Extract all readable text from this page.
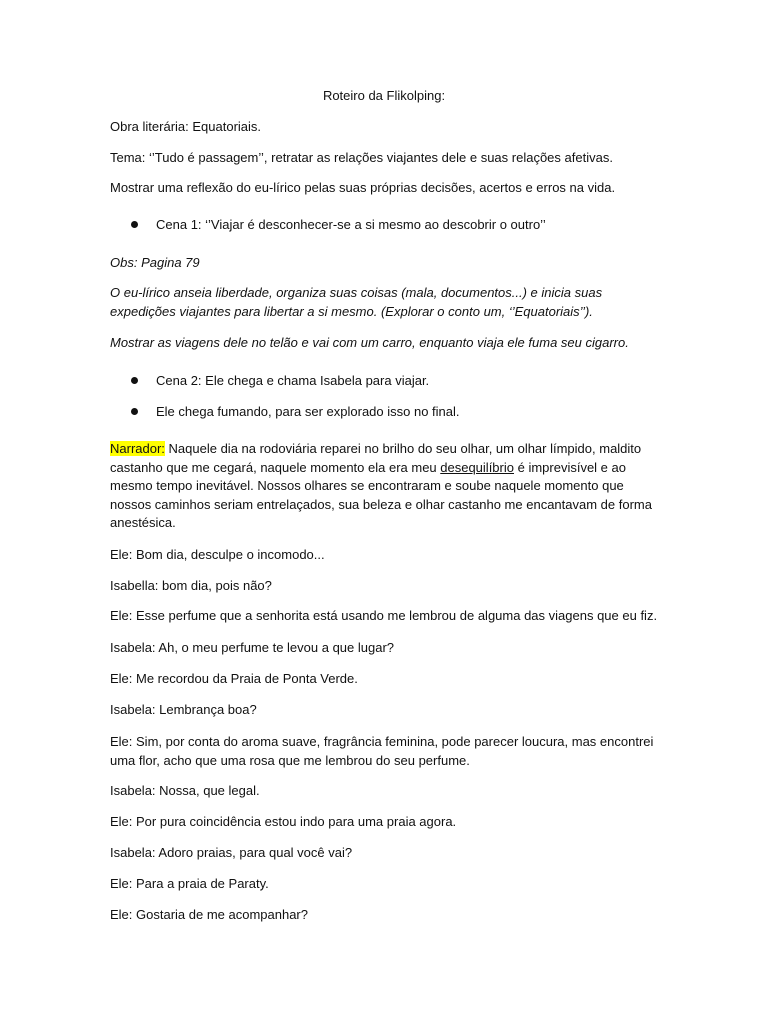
Roteiro da Flikolping:
Obra literária: Equatoriais.
Tema: ‘’Tudo é passagem’’, retratar as relações viajantes dele e suas relações afetivas.
Mostrar uma reflexão do eu-lírico pelas suas próprias decisões, acertos e erros na vida.
Cena 1: ‘’Viajar é desconhecer-se a si mesmo ao descobrir o outro’’
Obs: Pagina 79
O eu-lírico anseia liberdade, organiza suas coisas (mala, documentos...) e inicia suas expedições viajantes para libertar a si mesmo. (Explorar o conto um, ‘’Equatoriais’’).
Mostrar as viagens dele no telão e vai com um carro, enquanto viaja ele fuma seu cigarro.
Cena 2: Ele chega e chama Isabela para viajar.
Ele chega fumando, para ser explorado isso no final.
Narrador: Naquele dia na rodoviária reparei no brilho do seu olhar, um olhar límpido, maldito castanho que me cegará, naquele momento ela era meu desequilíbrio é imprevisível e ao mesmo tempo inevitável. Nossos olhares se encontraram e soube naquele momento que nossos caminhos seriam entrelaçados, sua beleza e olhar castanho me encantavam de forma anestésica.
Ele: Bom dia, desculpe o incomodo...
Isabella: bom dia, pois não?
Ele: Esse perfume que a senhorita está usando me lembrou de alguma das viagens que eu fiz.
Isabela: Ah, o meu perfume te levou a que lugar?
Ele: Me recordou da Praia de Ponta Verde.
Isabela: Lembrança boa?
Ele: Sim, por conta do aroma suave, fragrância feminina, pode parecer loucura, mas encontrei uma flor, acho que uma rosa que me lembrou do seu perfume.
Isabela: Nossa, que legal.
Ele: Por pura coincidência estou indo para uma praia agora.
Isabela: Adoro praias, para qual você vai?
Ele: Para a praia de Paraty.
Ele: Gostaria de me acompanhar?
